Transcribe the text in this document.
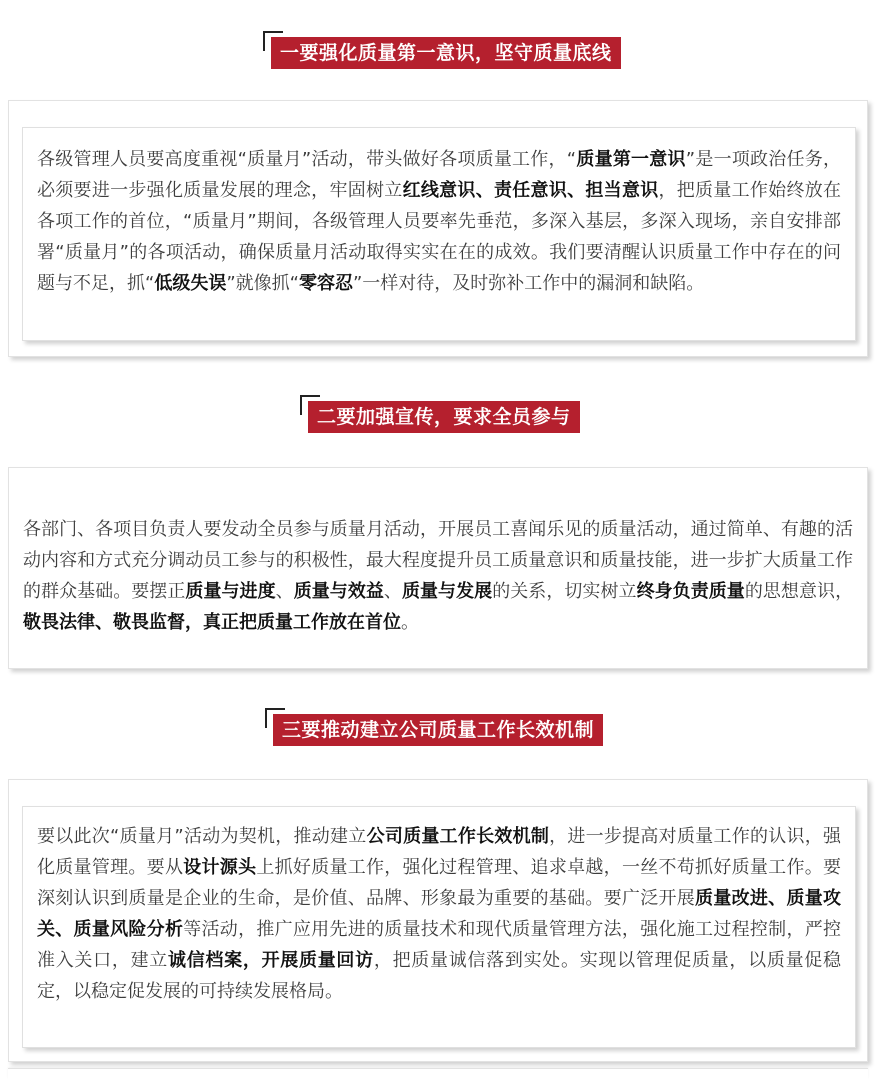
一要强化质量第一意识，坚守质量底线

各级管理人员要高度重视“质量月”活动，带头做好各项质量工作，“质量第一意识”是一项政治任务，必须要进一步强化质量发展的理念，牢固树立红线意识、责任意识、担当意识，把质量工作始终放在各项工作的首位，“质量月”期间，各级管理人员要率先垂范，多深入基层，多深入现场，亲自安排部署“质量月”的各项活动，确保质量月活动取得实实在在的成效。我们要清醒认识质量工作中存在的问题与不足，抓“低级失误”就像抓“零容忍”一样对待，及时弥补工作中的漏洞和缺陷。

二要加强宣传，要求全员参与

各部门、各项目负责人要发动全员参与质量月活动，开展员工喜闻乐见的质量活动，通过简单、有趣的活动内容和方式充分调动员工参与的积极性，最大程度提升员工质量意识和质量技能，进一步扩大质量工作的群众基础。要摆正质量与进度、质量与效益、质量与发展的关系，切实树立终身负责质量的思想意识，敬畏法律、敬畏监督，真正把质量工作放在首位。

三要推动建立公司质量工作长效机制

要以此次“质量月”活动为契机，推动建立公司质量工作长效机制，进一步提高对质量工作的认识，强化质量管理。要从设计源头上抓好质量工作，强化过程管理、追求卓越，一丝不苟抓好质量工作。要深刻认识到质量是企业的生命，是价值、品牌、形象最为重要的基础。要广泛开展质量改进、质量攻关、质量风险分析等活动，推广应用先进的质量技术和现代质量管理方法，强化施工过程控制，严控准入关口，建立诚信档案，开展质量回访，把质量诚信落到实处。实现以管理促质量，以质量促稳定，以稳定促发展的可持续发展格局。
